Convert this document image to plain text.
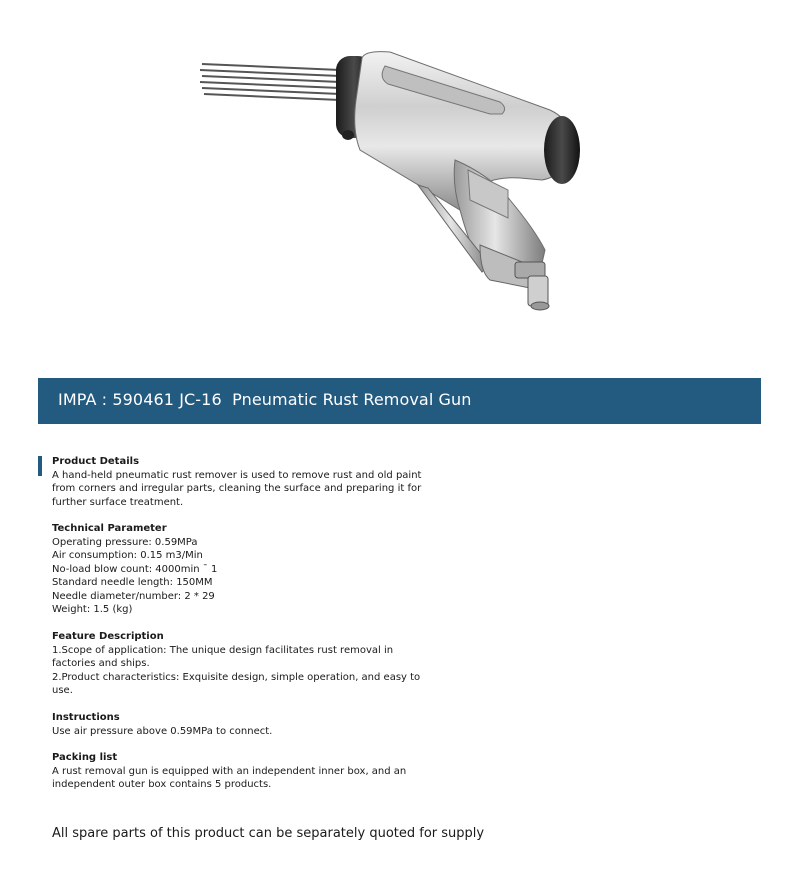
IMPA : 590461 JC-16  Pneumatic Rust Removal Gun
Product Details
A hand-held pneumatic rust remover is used to remove rust and old paint
from corners and irregular parts, cleaning the surface and preparing it for
further surface treatment.
Technical Parameter
Operating pressure: 0.59MPa
Air consumption: 0.15 m3/Min
No-load blow count: 4000min ˉ 1
Standard needle length: 150MM
Needle diameter/number: 2 * 29
Weight: 1.5 (kg)
Feature Description
1.Scope of application: The unique design facilitates rust removal in
factories and ships.
2.Product characteristics: Exquisite design, simple operation, and easy to
use.
Instructions
Use air pressure above 0.59MPa to connect.
Packing list
A rust removal gun is equipped with an independent inner box, and an
independent outer box contains 5 products.
All spare parts of this product can be separately quoted for supply
